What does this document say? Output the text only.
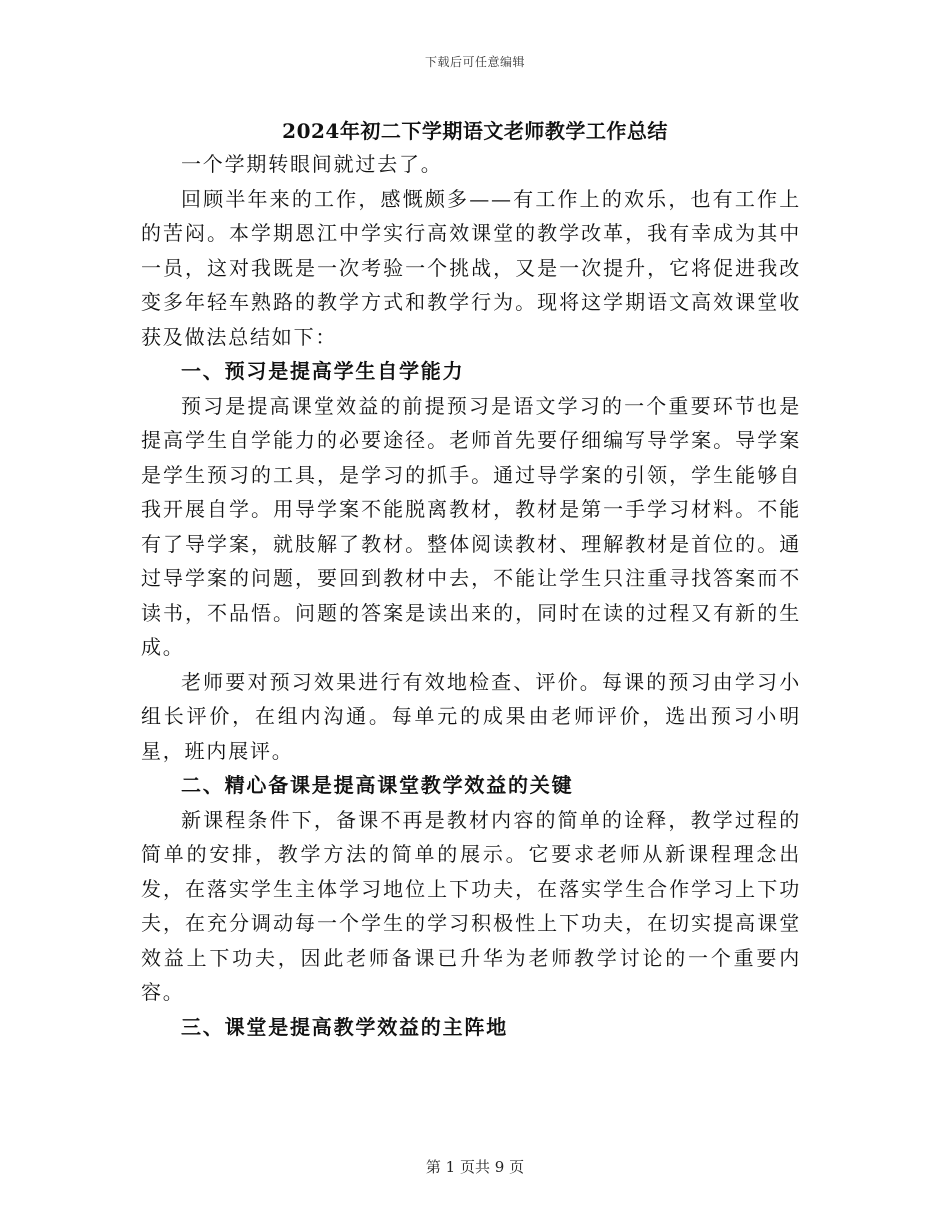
下载后可任意编辑
2024年初二下学期语文老师教学工作总结

一个学期转眼间就过去了。

回顾半年来的工作，感慨颇多——有工作上的欢乐，也有工作上的苦闷。本学期恩江中学实行高效课堂的教学改革，我有幸成为其中一员，这对我既是一次考验一个挑战，又是一次提升，它将促进我改变多年轻车熟路的教学方式和教学行为。现将这学期语文高效课堂收获及做法总结如下：

一、预习是提高学生自学能力

预习是提高课堂效益的前提预习是语文学习的一个重要环节也是提高学生自学能力的必要途径。老师首先要仔细编写导学案。导学案是学生预习的工具，是学习的抓手。通过导学案的引领，学生能够自我开展自学。用导学案不能脱离教材，教材是第一手学习材料。不能有了导学案，就肢解了教材。整体阅读教材、理解教材是首位的。通过导学案的问题，要回到教材中去，不能让学生只注重寻找答案而不读书，不品悟。问题的答案是读出来的，同时在读的过程又有新的生成。

老师要对预习效果进行有效地检查、评价。每课的预习由学习小组长评价，在组内沟通。每单元的成果由老师评价，选出预习小明星，班内展评。

二、精心备课是提高课堂教学效益的关键

新课程条件下，备课不再是教材内容的简单的诠释，教学过程的简单的安排，教学方法的简单的展示。它要求老师从新课程理念出发，在落实学生主体学习地位上下功夫，在落实学生合作学习上下功夫，在充分调动每一个学生的学习积极性上下功夫，在切实提高课堂效益上下功夫，因此老师备课已升华为老师教学讨论的一个重要内容。

三、课堂是提高教学效益的主阵地
第 1 页共 9 页
